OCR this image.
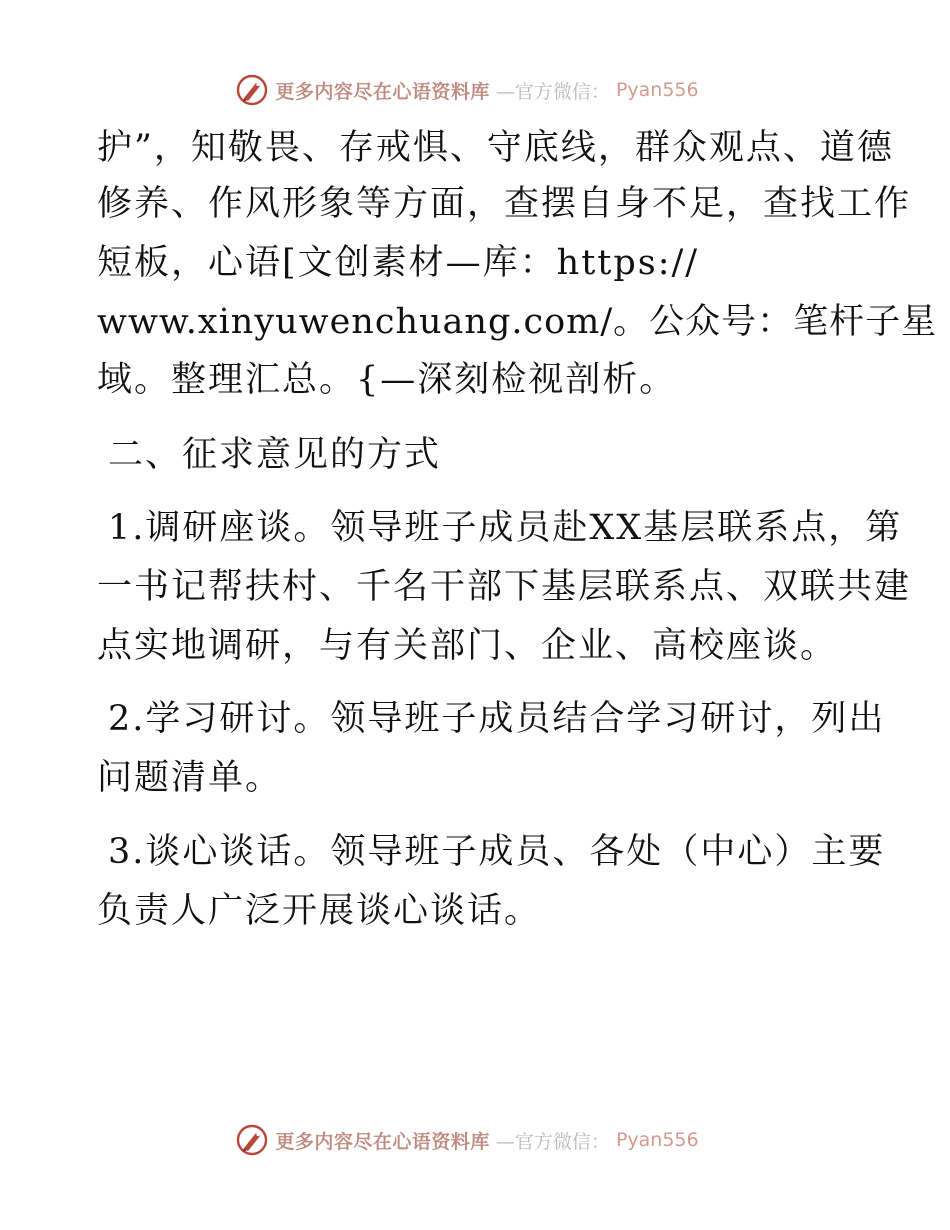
更多内容尽在心语资料库 —官方微信： Pyan556
护”，知敬畏、存戒惧、守底线，群众观点、道德
修养、作风形象等方面，查摆自身不足，查找工作
短板，心语[文创素材—库：https://
www.xinyuwenchuang.com/。公众号：笔杆子星
域。整理汇总。{—深刻检视剖析。
二、征求意见的方式
1.调研座谈。领导班子成员赴XX基层联系点，第
一书记帮扶村、千名干部下基层联系点、双联共建
点实地调研，与有关部门、企业、高校座谈。
2.学习研讨。领导班子成员结合学习研讨，列出
问题清单。
3.谈心谈话。领导班子成员、各处（中心）主要
负责人广泛开展谈心谈话。
更多内容尽在心语资料库 —官方微信： Pyan556
